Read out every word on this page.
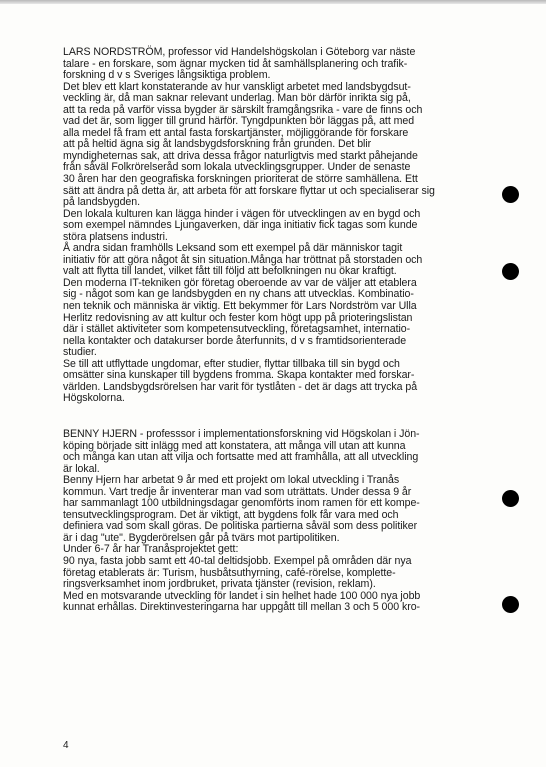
LARS NORDSTRÖM, professor vid Handelshögskolan i Göteborg var näste

talare - en forskare, som ägnar mycken tid åt samhällsplanering och trafik-

forskning d v s Sveriges långsiktiga problem.

Det blev ett klart konstaterande av hur vanskligt arbetet med landsbygdsut-

veckling är, då man saknar relevant underlag. Man bör därför inrikta sig på,

att ta reda på varför vissa bygder är särskilt framgångsrika - vare de finns och

vad det är, som ligger till grund härför. Tyngdpunkten bör läggas på, att med

alla medel få fram ett antal fasta forskartjänster, möjliggörande för forskare

att på heltid ägna sig åt landsbygdsforskning från grunden. Det blir

myndigheternas sak, att driva dessa frågor naturligtvis med starkt påhejande

från såväl Folkrörelseråd som lokala utvecklingsgrupper. Under de senaste

30 åren har den geografiska forskningen prioriterat de större samhällena. Ett

sätt att ändra på detta är, att arbeta för att forskare flyttar ut och specialiserar sig

på landsbygden.

Den lokala kulturen kan lägga hinder i vägen för utvecklingen av en bygd och

som exempel nämndes Ljungaverken, där inga initiativ fick tagas som kunde

störa platsens industri.

Å andra sidan framhölls Leksand som ett exempel på där människor tagit

initiativ för att göra något åt sin situation.Många har tröttnat på storstaden och

valt att flytta till landet, vilket fått till följd att befolkningen nu ökar kraftigt.

Den moderna IT-tekniken gör företag oberoende av var de väljer att etablera

sig - något som kan ge landsbygden en ny chans att utvecklas. Kombinatio-

nen teknik och människa är viktig. Ett bekymmer för Lars Nordström var Ulla

Herlitz redovisning av att kultur och fester kom högt upp på prioteringslistan

där i stället aktiviteter som kompetensutveckling, företagsamhet, internatio-

nella kontakter och datakurser borde återfunnits, d v s framtidsorienterade

studier.

Se till att utflyttade ungdomar, efter studier, flyttar tillbaka till sin bygd och

omsätter sina kunskaper till bygdens fromma. Skapa kontakter med forskar-

världen. Landsbygdsrörelsen har varit för tystlåten - det är dags att trycka på

Högskolorna.

BENNY HJERN - professsor i implementationsforskning vid Högskolan i Jön-

köping började sitt inlägg med att konstatera, att många vill utan att kunna

och många kan utan att vilja och fortsatte med att framhålla, att all utveckling

är lokal.

Benny Hjern har arbetat 9 år med ett projekt om lokal utveckling i Tranås

kommun. Vart tredje år inventerar man vad som uträttats. Under dessa 9 år

har sammanlagt 100 utbildningsdagar genomförts inom ramen för ett kompe-

tensutvecklingsprogram. Det är viktigt, att bygdens folk får vara med och

definiera vad som skall göras. De politiska partierna såväl som dess politiker

är i dag "ute". Bygderörelsen går på tvärs mot partipolitiken.

Under 6-7 år har Tranåsprojektet gett:

90 nya, fasta jobb samt ett 40-tal deltidsjobb. Exempel på områden där nya

företag etablerats är: Turism, husbåtsuthyrning, café-rörelse, komplette-

ringsverksamhet inom jordbruket, privata tjänster (revision, reklam).

Med en motsvarande utveckling för landet i sin helhet hade 100 000 nya jobb

kunnat erhållas. Direktinvesteringarna har uppgått till mellan 3 och 5 000 kro-

4
